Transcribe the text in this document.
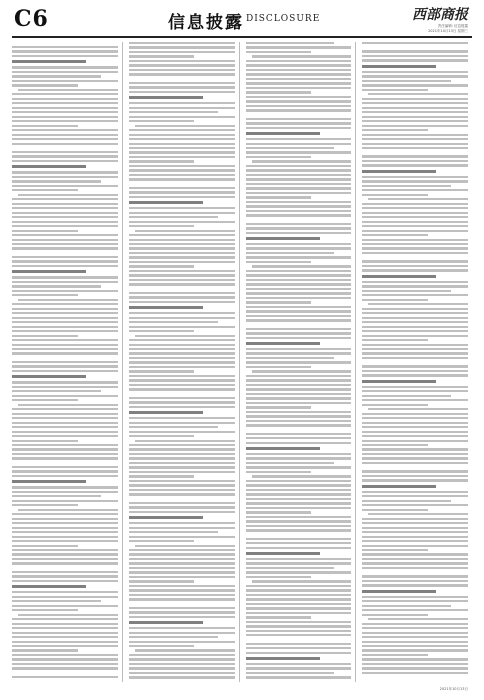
C6	信息披露 DISCLOSURE	西部商报
责任编辑: 信息披露
2021年10月13日 星期三
2021年10月13日
